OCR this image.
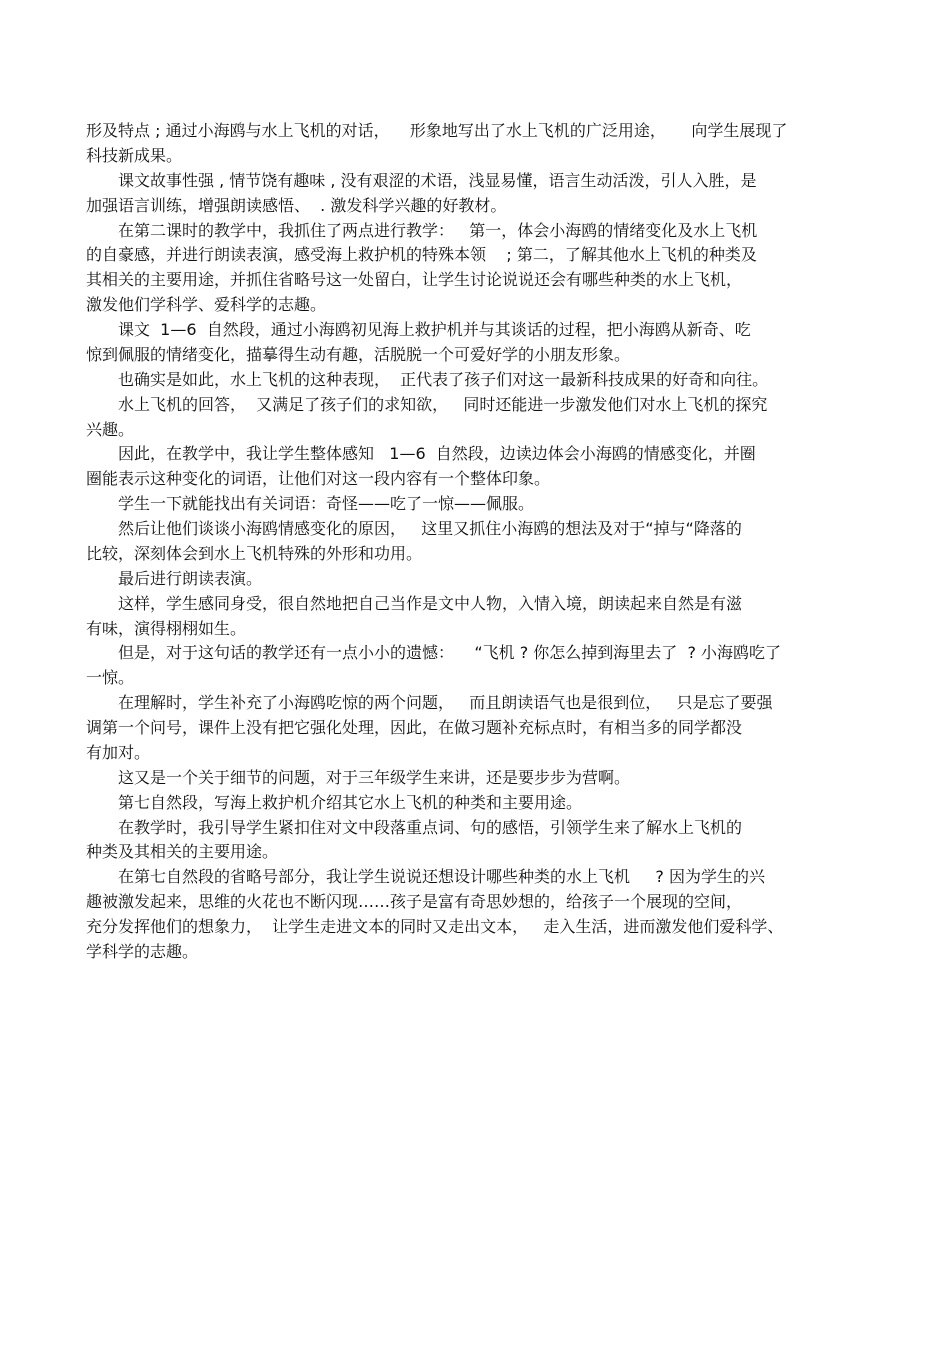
形及特点 ; 通过小海鸥与水上飞机的对话，    形象地写出了水上飞机的广泛用途，     向学生展现了
科技新成果。
　　课文故事性强 , 情节饶有趣味 , 没有艰涩的术语，浅显易懂，语言生动活泼，引人入胜，是
加强语言训练，增强朗读感悟、  . 激发科学兴趣的好教材。
　　在第二课时的教学中，我抓住了两点进行教学：   第一，体会小海鸥的情绪变化及水上飞机
的自豪感，并进行朗读表演，感受海上救护机的特殊本领    ; 第二，了解其他水上飞机的种类及
其相关的主要用途，并抓住省略号这一处留白，让学生讨论说说还会有哪些种类的水上飞机，
激发他们学科学、爱科学的志趣。
　　课文  1—6  自然段，通过小海鸥初见海上救护机并与其谈话的过程，把小海鸥从新奇、吃
惊到佩服的情绪变化，描摹得生动有趣，活脱脱一个可爱好学的小朋友形象。
　　也确实是如此，水上飞机的这种表现，  正代表了孩子们对这一最新科技成果的好奇和向往。
　　水上飞机的回答，  又满足了孩子们的求知欲，   同时还能进一步激发他们对水上飞机的探究
兴趣。
　　因此，在教学中，我让学生整体感知   1—6  自然段，边读边体会小海鸥的情感变化，并圈
圈能表示这种变化的词语，让他们对这一段内容有一个整体印象。
　　学生一下就能找出有关词语：奇怪——吃了一惊——佩服。
　　然后让他们谈谈小海鸥情感变化的原因，   这里又抓住小海鸥的想法及对于“掉与“降落的
比较，深刻体会到水上飞机特殊的外形和功用。
　　最后进行朗读表演。
　　这样，学生感同身受，很自然地把自己当作是文中人物，入情入境，朗读起来自然是有滋
有味，演得栩栩如生。
　　但是，对于这句话的教学还有一点小小的遗憾：    “飞机 ? 你怎么掉到海里去了  ? 小海鸥吃了
一惊。
　　在理解时，学生补充了小海鸥吃惊的两个问题，   而且朗读语气也是很到位，   只是忘了要强
调第一个问号，课件上没有把它强化处理，因此，在做习题补充标点时，有相当多的同学都没
有加对。
　　这又是一个关于细节的问题，对于三年级学生来讲，还是要步步为营啊。
　　第七自然段，写海上救护机介绍其它水上飞机的种类和主要用途。
　　在教学时，我引导学生紧扣住对文中段落重点词、句的感悟，引领学生来了解水上飞机的
种类及其相关的主要用途。
　　在第七自然段的省略号部分，我让学生说说还想设计哪些种类的水上飞机     ? 因为学生的兴
趣被激发起来，思维的火花也不断闪现……孩子是富有奇思妙想的，给孩子一个展现的空间，
充分发挥他们的想象力，  让学生走进文本的同时又走出文本，   走入生活，进而激发他们爱科学、
学科学的志趣。
